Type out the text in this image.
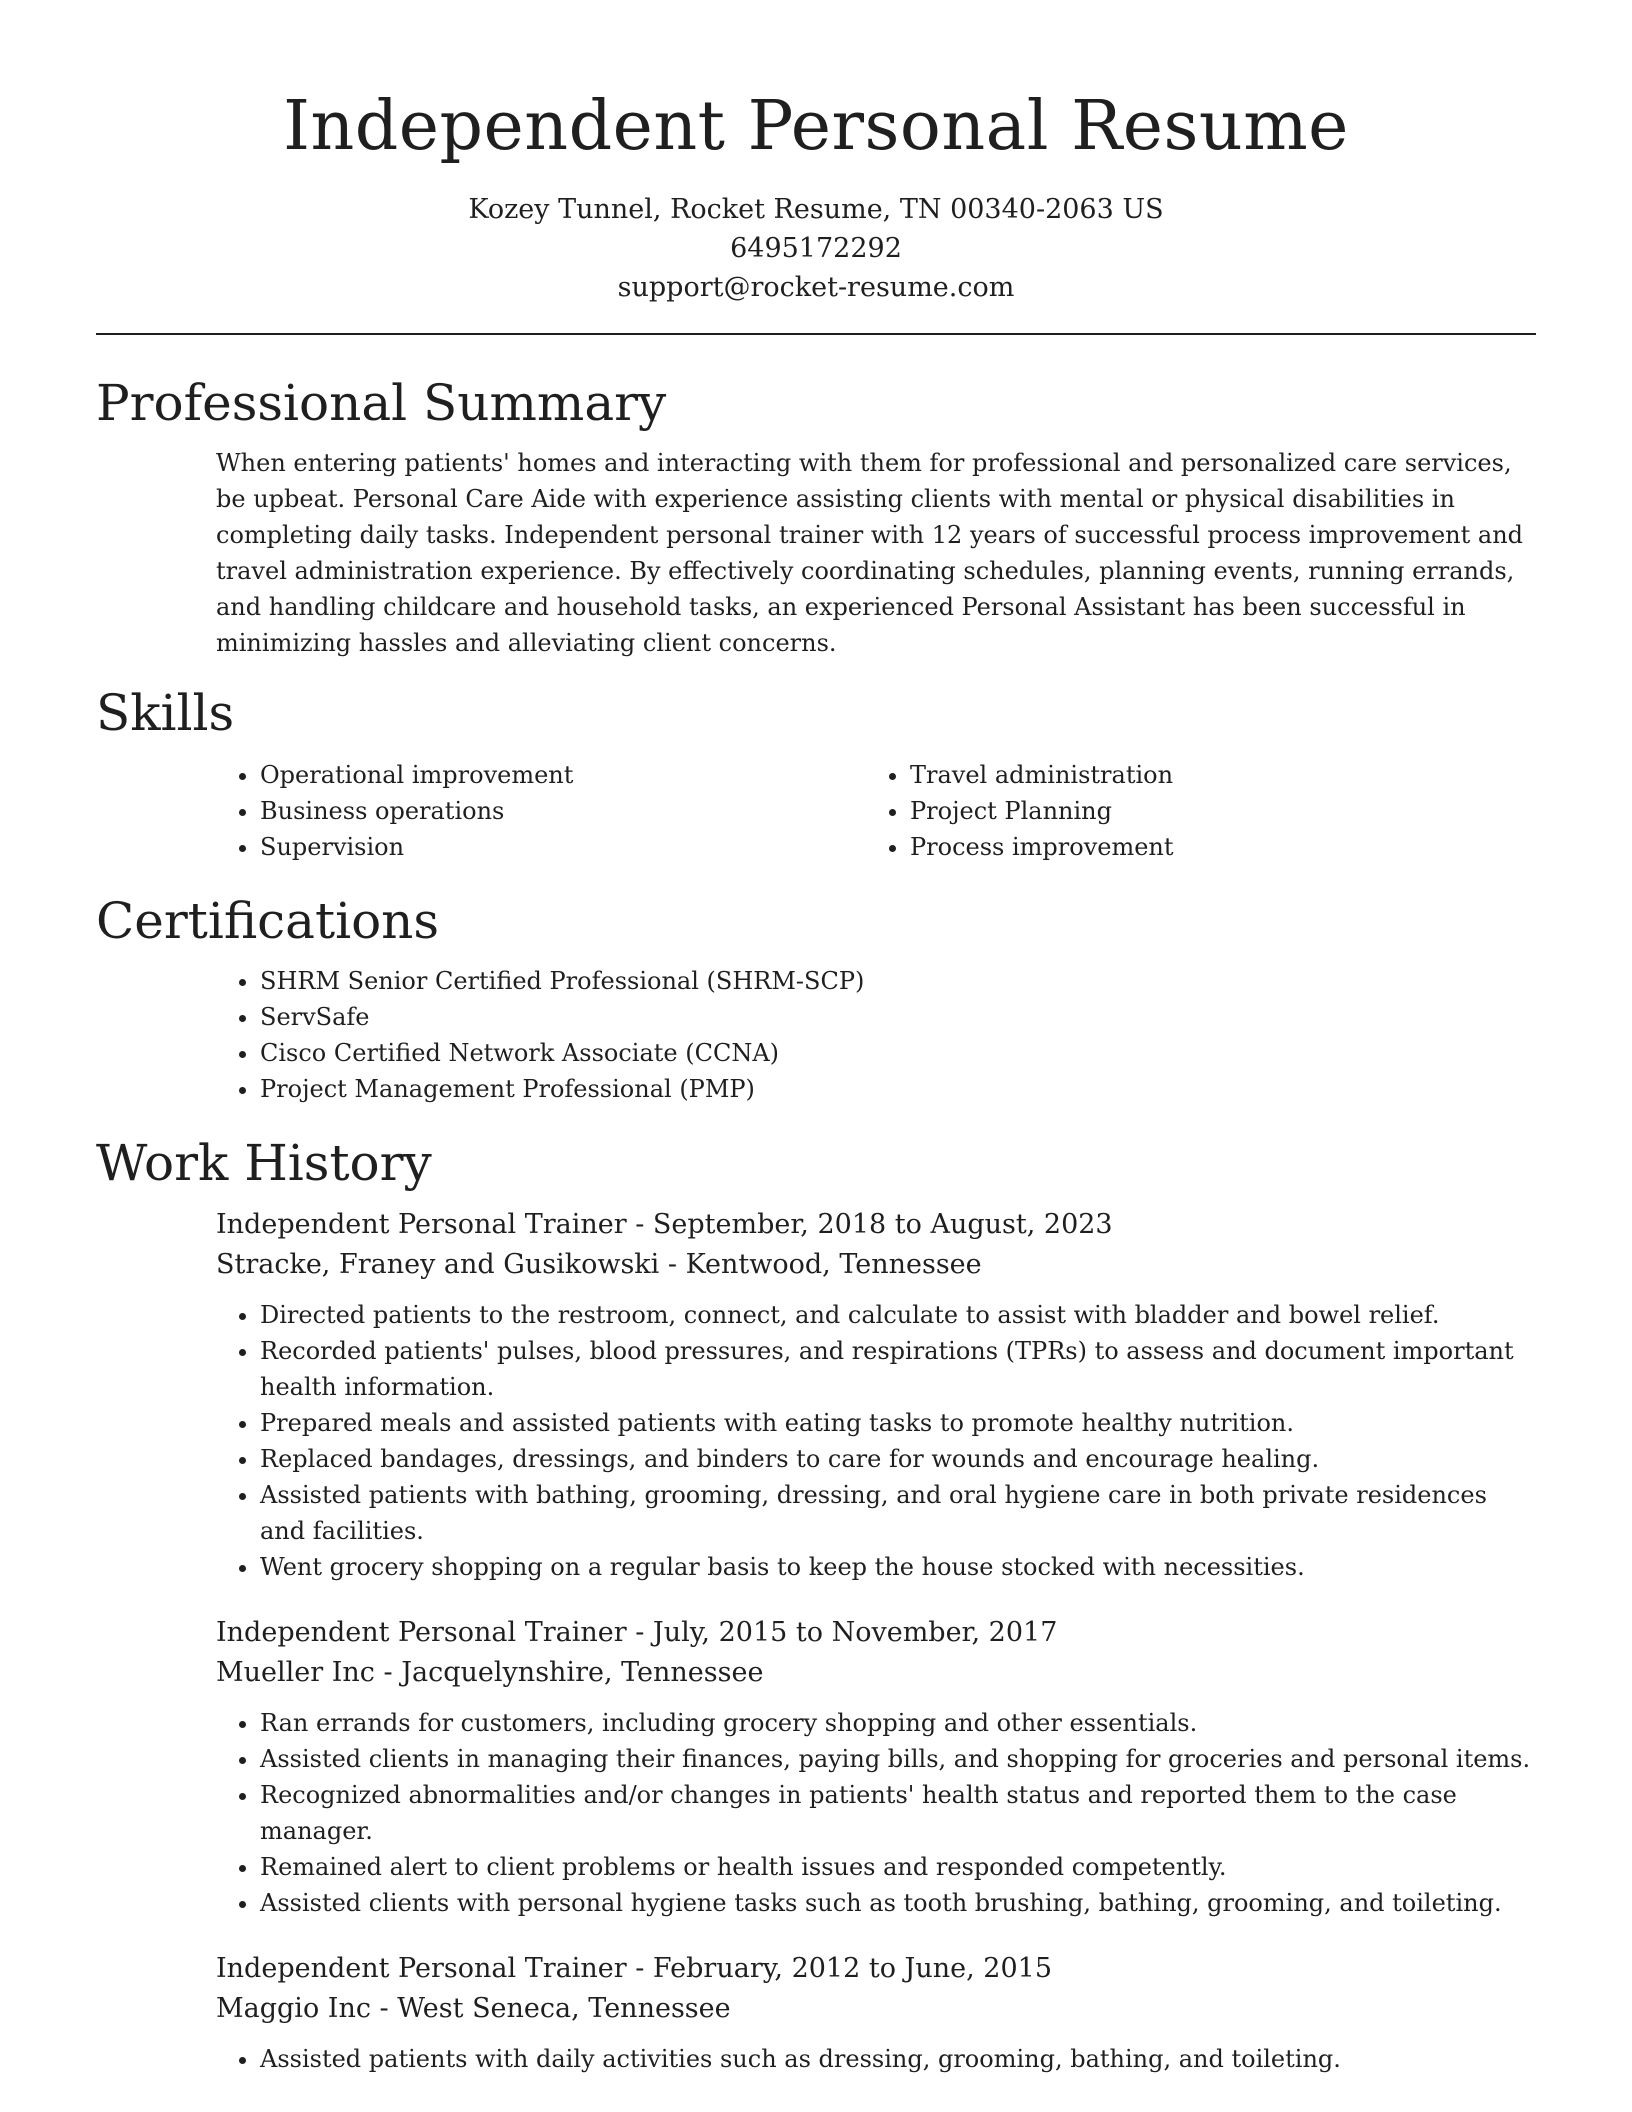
Independent Personal Resume
Kozey Tunnel, Rocket Resume, TN 00340-2063 US
6495172292
support@rocket-resume.com
Professional Summary

When entering patients' homes and interacting with them for professional and personalized care services, be upbeat. Personal Care Aide with experience assisting clients with mental or physical disabilities in completing daily tasks. Independent personal trainer with 12 years of successful process improvement and travel administration experience. By effectively coordinating schedules, planning events, running errands, and handling childcare and household tasks, an experienced Personal Assistant has been successful in minimizing hassles and alleviating client concerns.

Skills
• Operational improvement
• Business operations
• Supervision
• Travel administration
• Project Planning
• Process improvement
Certifications
• SHRM Senior Certified Professional (SHRM-SCP)
• ServSafe
• Cisco Certified Network Associate (CCNA)
• Project Management Professional (PMP)
Work History
Independent Personal Trainer - September, 2018 to August, 2023
Stracke, Franey and Gusikowski - Kentwood, Tennessee
• Directed patients to the restroom, connect, and calculate to assist with bladder and bowel relief.
• Recorded patients' pulses, blood pressures, and respirations (TPRs) to assess and document important health information.
• Prepared meals and assisted patients with eating tasks to promote healthy nutrition.
• Replaced bandages, dressings, and binders to care for wounds and encourage healing.
• Assisted patients with bathing, grooming, dressing, and oral hygiene care in both private residences and facilities.
• Went grocery shopping on a regular basis to keep the house stocked with necessities.
Independent Personal Trainer - July, 2015 to November, 2017
Mueller Inc - Jacquelynshire, Tennessee
• Ran errands for customers, including grocery shopping and other essentials.
• Assisted clients in managing their finances, paying bills, and shopping for groceries and personal items.
• Recognized abnormalities and/or changes in patients' health status and reported them to the case manager.
• Remained alert to client problems or health issues and responded competently.
• Assisted clients with personal hygiene tasks such as tooth brushing, bathing, grooming, and toileting.
Independent Personal Trainer - February, 2012 to June, 2015
Maggio Inc - West Seneca, Tennessee
• Assisted patients with daily activities such as dressing, grooming, bathing, and toileting.
